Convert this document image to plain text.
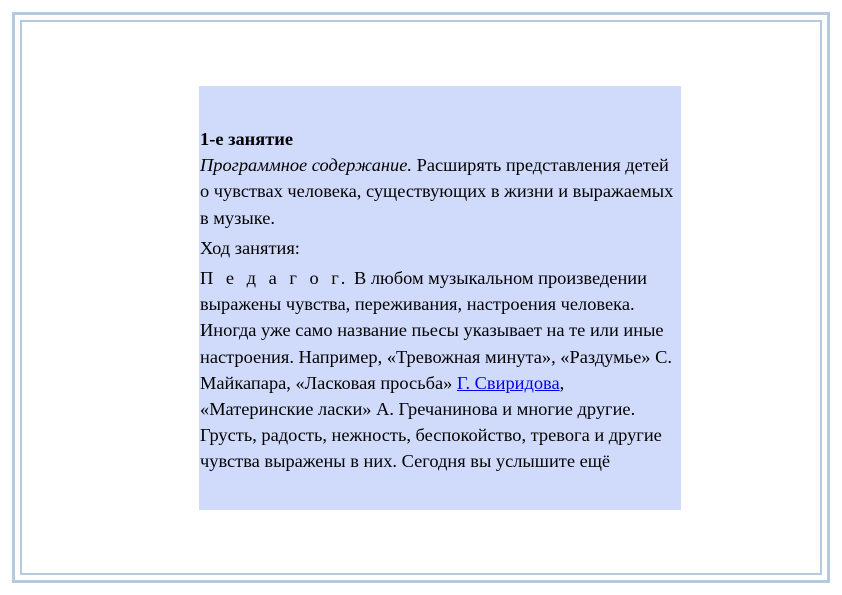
1-е занятие

Программное содержание. Расширять представления детей о чувствах человека, существующих в жизни и выражаемых в музыке.

Ход занятия:

П е д а г о г. В любом музыкальном произведении выражены чувства, переживания, настроения человека. Иногда уже само название пьесы указывает на те или иные настроения. Например, «Тревожная минута», «Раздумье» С. Майкапара, «Ласковая просьба» Г. Свиридова, «Материнские ласки» А. Гречанинова и многие другие. Грусть, радость, нежность, беспокойство, тревога и другие чувства выражены в них. Сегодня вы услышите ещё
